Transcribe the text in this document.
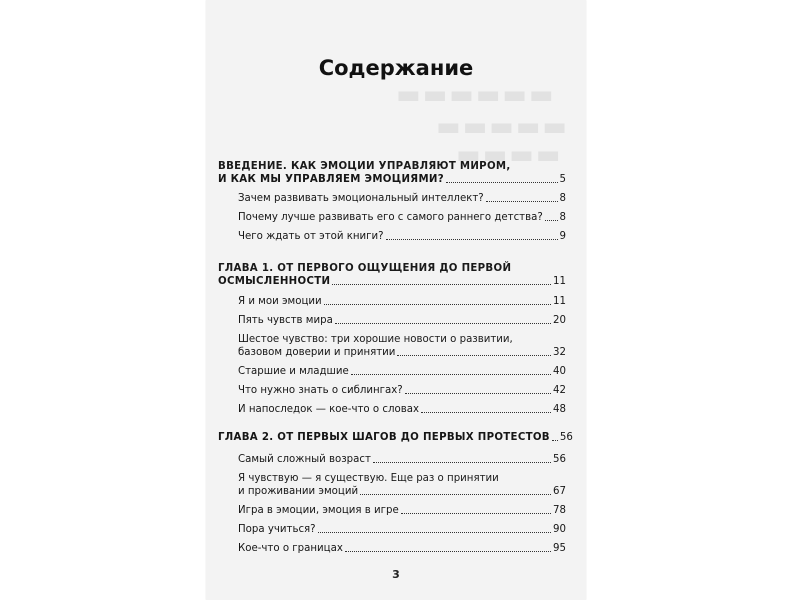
▬▬▬▬▬▬
▬▬▬▬▬
▬▬▬▬
Содержание
ВВЕДЕНИЕ. КАК ЭМОЦИИ УПРАВЛЯЮТ МИРОМ,
И КАК МЫ УПРАВЛЯЕМ ЭМОЦИЯМИ?	5
Зачем развивать эмоциональный интеллект?	8
Почему лучше развивать его с самого раннего детства? 8
Чего ждать от этой книги?	9
ГЛАВА 1. ОТ ПЕРВОГО ОЩУЩЕНИЯ ДО ПЕРВОЙ
ОСМЫСЛЕННОСТИ	11
Я и мои эмоции	11
Пять чувств мира	20
Шестое чувство: три хорошие новости о развитии,
базовом доверии и принятии	32
Старшие и младшие	40
Что нужно знать о сиблингах?	42
И напоследок — кое-что о словах	48
ГЛАВА 2. ОТ ПЕРВЫХ ШАГОВ ДО ПЕРВЫХ ПРОТЕСТОВ 56
Самый сложный возраст	56
Я чувствую — я существую. Еще раз о принятии
и проживании эмоций	67
Игра в эмоции, эмоция в игре	78
Пора учиться?	90
Кое-что о границах	95
3
